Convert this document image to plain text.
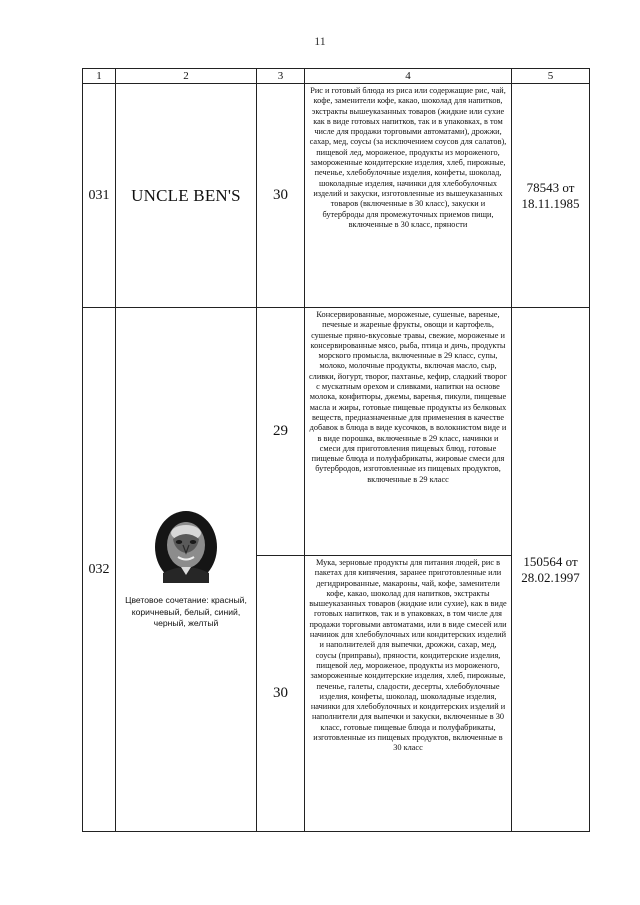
11
1	2	3	4	5
031	UNCLE BEN'S	30	Рис и готовый блюда из риса или содержащие рис, чай, кофе, заменители кофе, какао, шоколад для напитков, экстракты вышеуказанных товаров (жидкие или сухие как в виде готовых напитков, так и в упаковках, в том числе для продажи торговыми автоматами), дрожжи, сахар, мед, соусы (за исключением соусов для салатов), пищевой лед, мороженое, продукты из мороженого, замороженные кондитерские изделия, хлеб, пирожные, печенье, хлебобулочные изделия, конфеты, шоколад, шоколадные изделия, начинки для хлебобулочных изделий и закуски, изготовленные из вышеуказанных товаров (включенные в 30 класс), закуски и бутерброды для промежуточных приемов пищи, включенные в 30 класс, пряности	78543 от
18.11.1985

032	Цветовое сочетание: красный, коричневый, белый, синий, черный, желтый	29	Консервированные, мороженые, сушеные, вареные, печеные и жареные фрукты, овощи и картофель, сушеные пряно-вкусовые травы, свежие, мороженые и консервированные мясо, рыба, птица и дичь, продукты морского промысла, включенные в 29 класс, супы, молоко, молочные продукты, включая масло, сыр, сливки, йогурт, творог, пахтанье, кефир, сладкий творог с мускатным орехом и сливками, напитки на основе молока, конфитюры, джемы, варенья, пикули, пищевые масла и жиры, готовые пищевые продукты из белковых веществ, предназначенные для применения в качестве добавок в блюда в виде кусочков, в волокнистом виде и в виде порошка, включенные в 29 класс, начинки и смеси для приготовления пищевых блюд, готовые пищевые блюда и полуфабрикаты, жировые смеси для бутербродов, изготовленные из пищевых продуктов, включенные в 29 класс	150564 от
28.02.1997

		30	Мука, зерновые продукты для питания людей, рис в пакетах для кипячения, заранее приготовленные или дегидрированные, макароны, чай, кофе, заменители кофе, какао, шоколад для напитков, экстракты вышеуказанных товаров (жидкие или сухие), как в виде готовых напитков, так и в упаковках, в том числе для продажи торговыми автоматами, или в виде смесей или начинок для хлебобулочных или кондитерских изделий и наполнителей для выпечки, дрожжи, сахар, мед, соусы (приправы), пряности, кондитерские изделия, пищевой лед, мороженое, продукты из мороженого, замороженные кондитерские изделия, хлеб, пирожные, печенье, галеты, сладости, десерты, хлебобулочные изделия, конфеты, шоколад, шоколадные изделия, начинки для хлебобулочных и кондитерских изделий и наполнители для выпечки и закуски, включенные в 30 класс, готовые пищевые блюда и полуфабрикаты, изготовленные из пищевых продуктов, включенные в 30 класс	
